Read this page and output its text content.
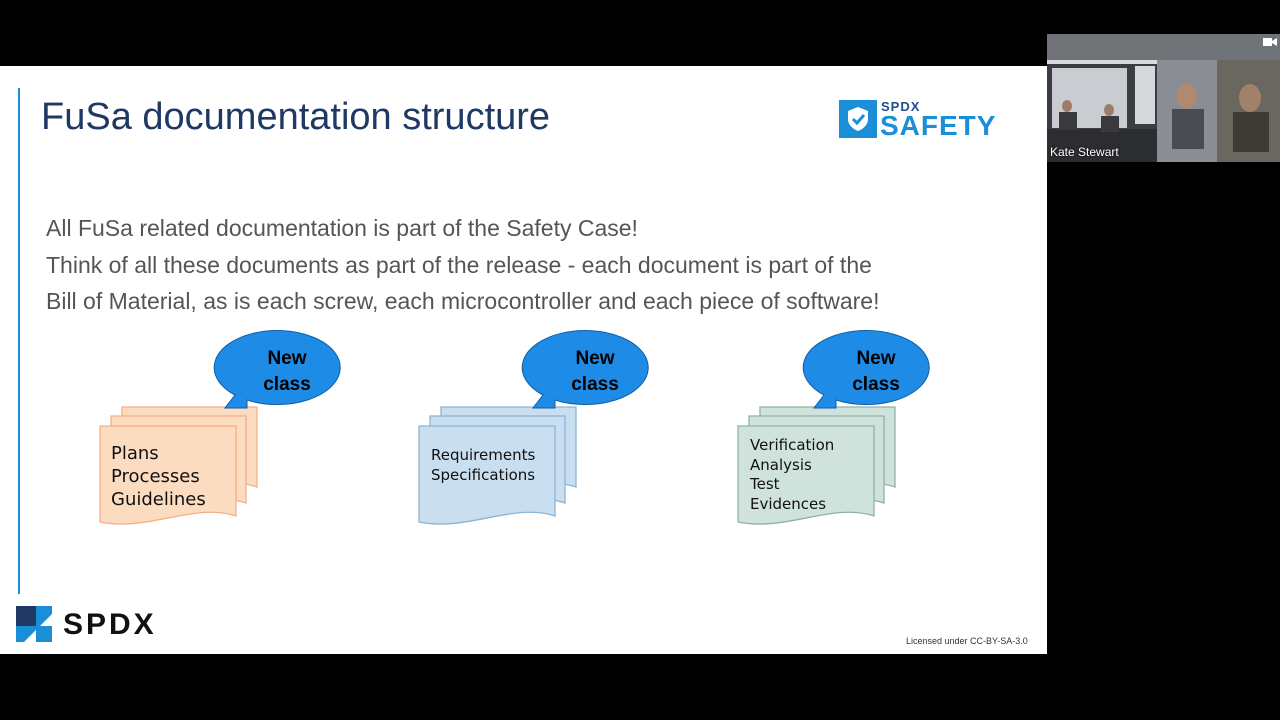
FuSa documentation structure	SPDX
SAFETY
All FuSa related documentation is part of the Safety Case!
Think of all these documents as part of the release - each document is part of the
Bill of Material, as is each screw, each microcontroller and each piece of software!
New
class
Plans
Processes
Guidelines
New
class
Requirements
Specifications
New
class
Verification
Analysis
Test
Evidences
SPDX	Licensed under CC-BY-SA-3.0
Kate Stewart
